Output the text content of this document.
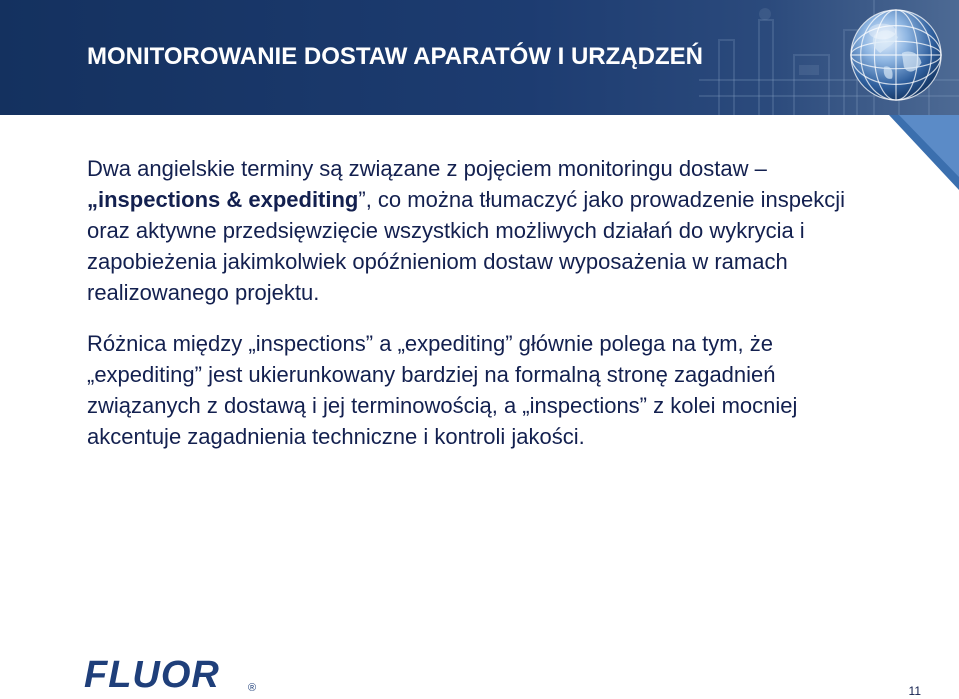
MONITOROWANIE DOSTAW APARATÓW I URZĄDZEŃ

Dwa angielskie terminy są związane z pojęciem monitoringu dostaw – „inspections & expediting”, co można tłumaczyć jako prowadzenie inspekcji oraz aktywne przedsięwzięcie wszystkich możliwych działań do wykrycia i zapobieżenia jakimkolwiek opóźnieniom dostaw wyposażenia w ramach realizowanego projektu.

Różnica między „inspections” a „expediting” głównie polega na tym, że „expediting” jest ukierunkowany bardziej na formalną stronę zagadnień związanych z dostawą i jej terminowością, a „inspections” z kolei mocniej akcentuje zagadnienia techniczne i kontroli jakości.

FLUOR	®	11
